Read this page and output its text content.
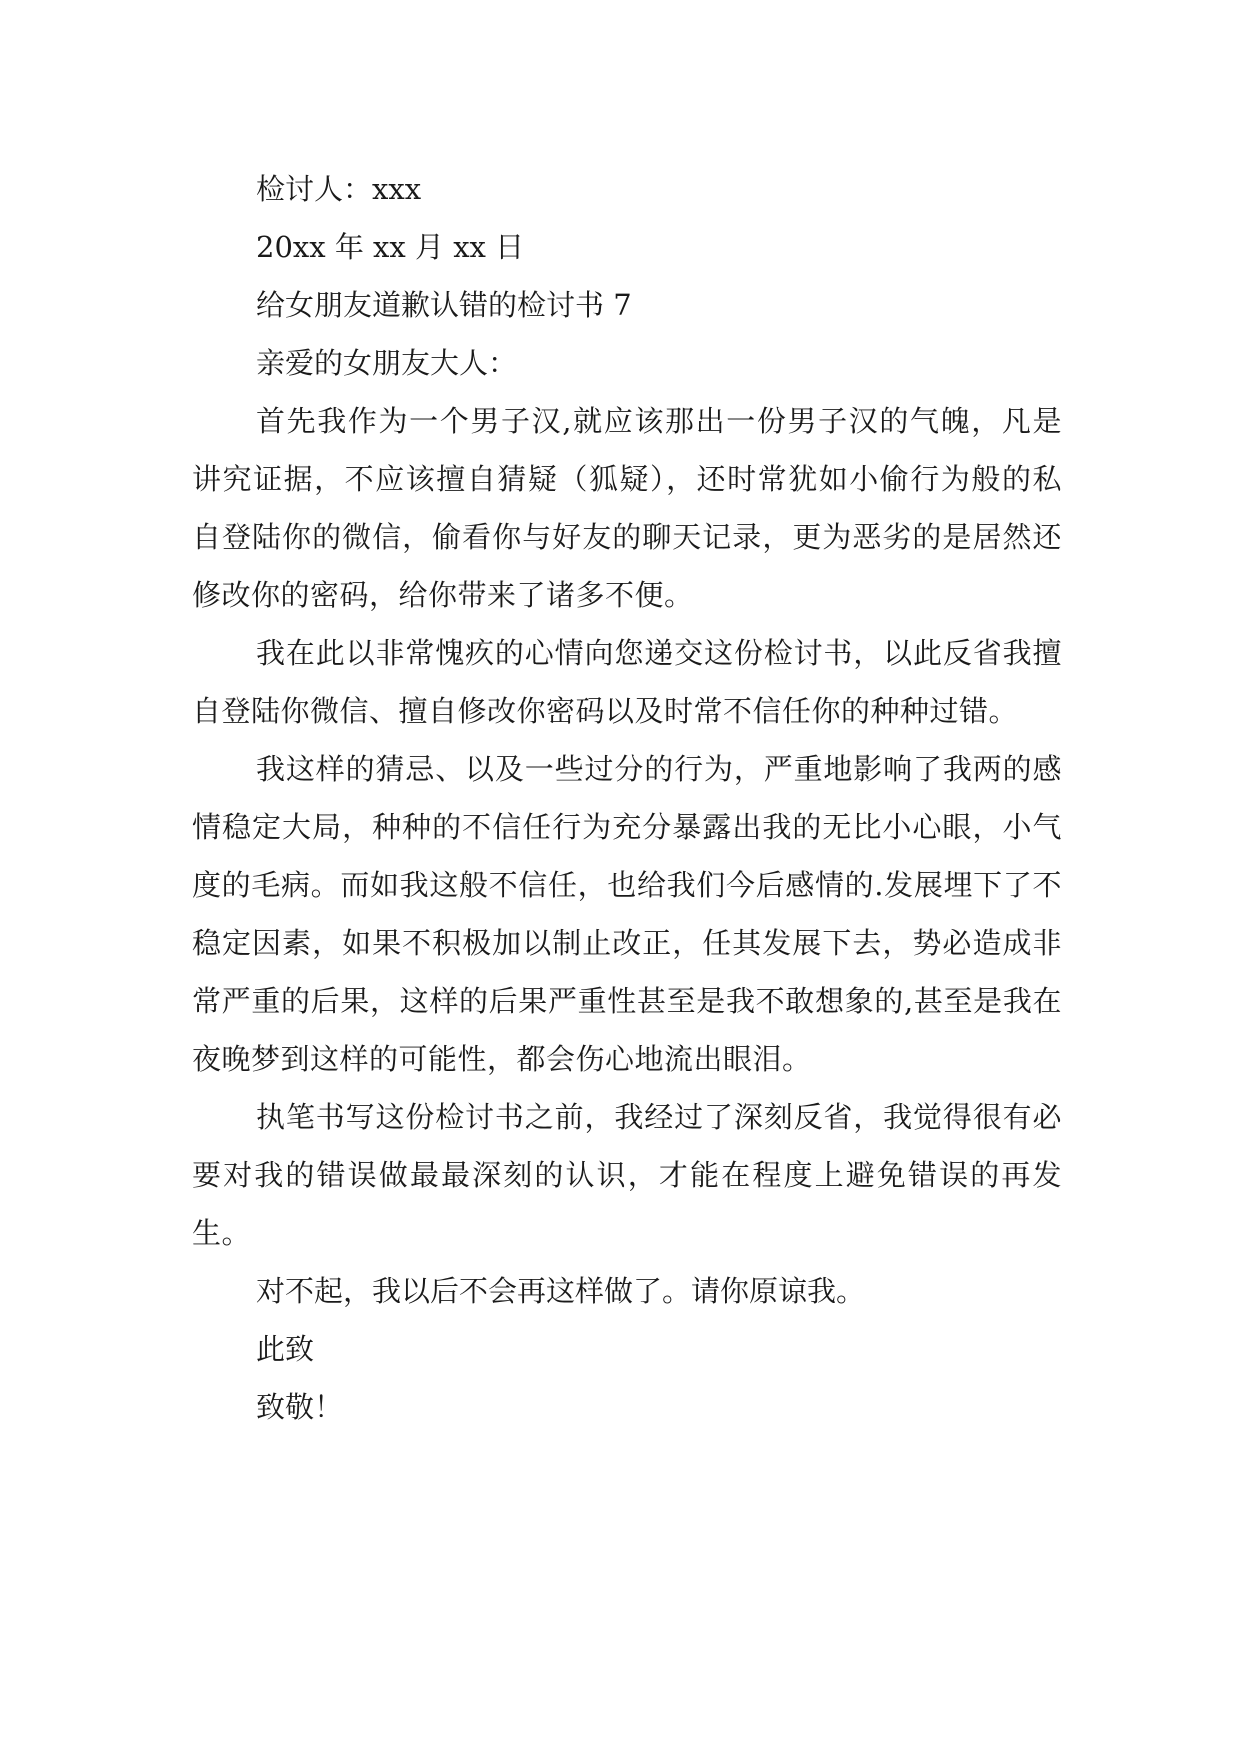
检讨人：xxx

20xx 年 xx 月 xx 日

给女朋友道歉认错的检讨书 7

亲爱的女朋友大人：

首先我作为一个男子汉,就应该那出一份男子汉的气魄，凡是讲究证据，不应该擅自猜疑（狐疑），还时常犹如小偷行为般的私自登陆你的微信，偷看你与好友的聊天记录，更为恶劣的是居然还修改你的密码，给你带来了诸多不便。

我在此以非常愧疚的心情向您递交这份检讨书，以此反省我擅自登陆你微信、擅自修改你密码以及时常不信任你的种种过错。

我这样的猜忌、以及一些过分的行为，严重地影响了我两的感情稳定大局，种种的不信任行为充分暴露出我的无比小心眼，小气度的毛病。而如我这般不信任，也给我们今后感情的.发展埋下了不稳定因素，如果不积极加以制止改正，任其发展下去，势必造成非常严重的后果，这样的后果严重性甚至是我不敢想象的,甚至是我在夜晚梦到这样的可能性，都会伤心地流出眼泪。

执笔书写这份检讨书之前，我经过了深刻反省，我觉得很有必要对我的错误做最最深刻的认识，才能在程度上避免错误的再发生。

对不起，我以后不会再这样做了。请你原谅我。

此致

致敬！
